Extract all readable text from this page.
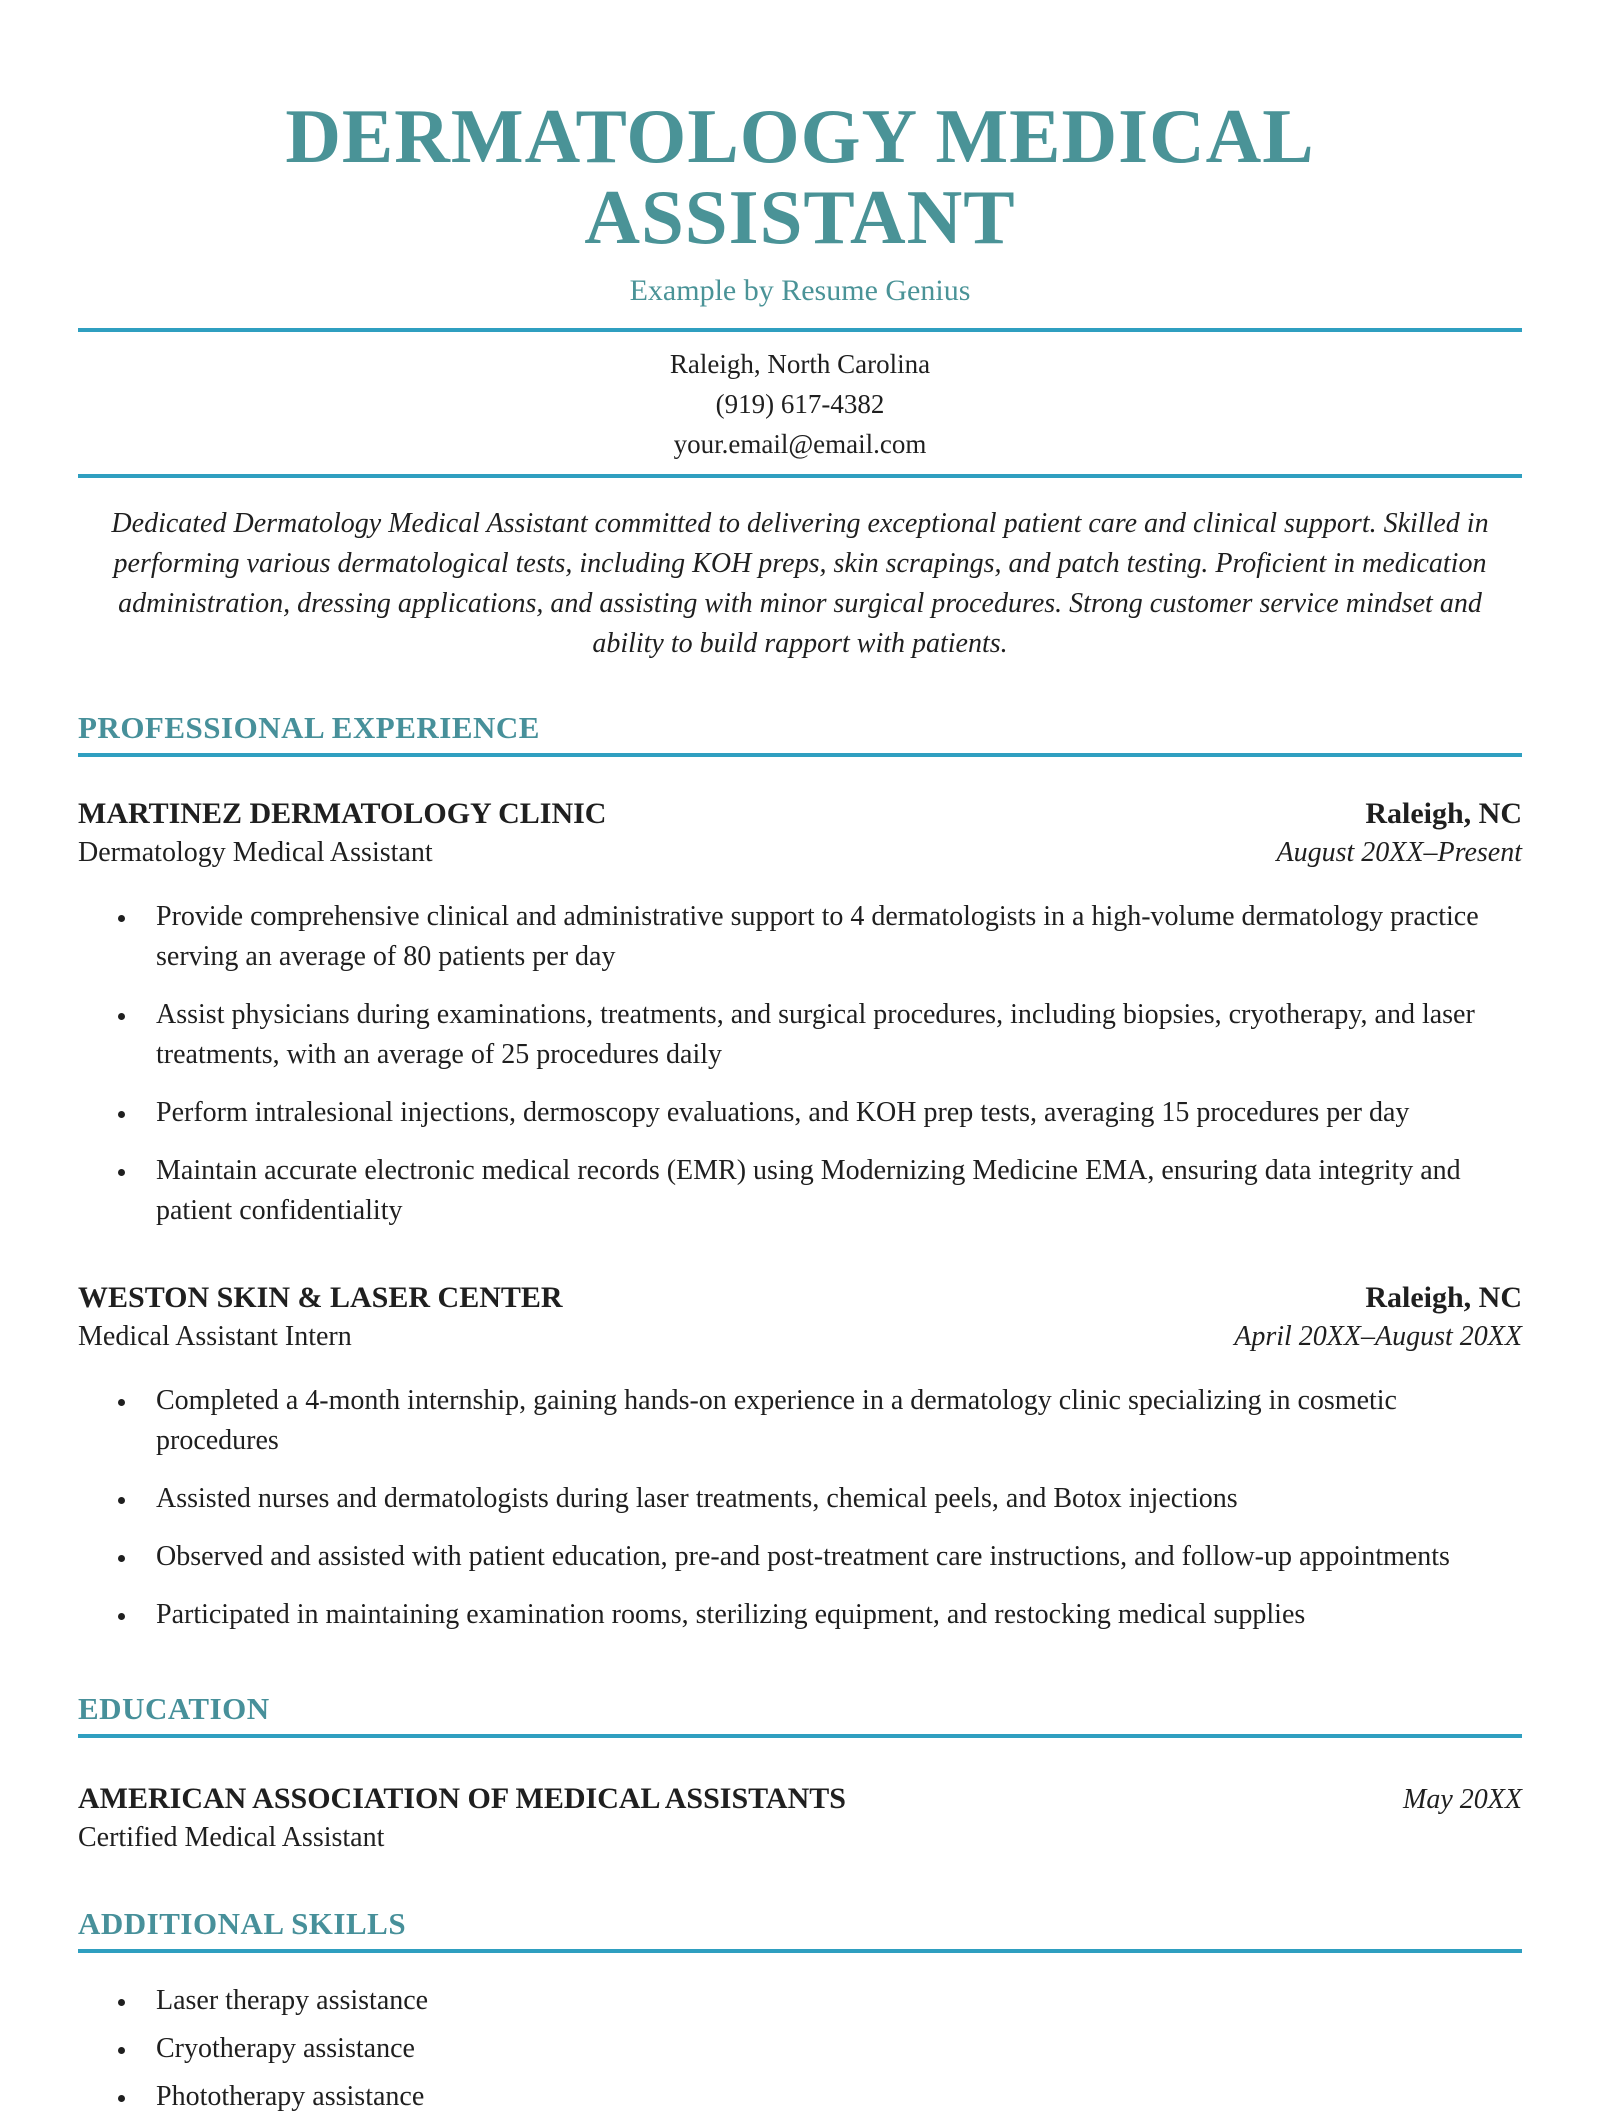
DERMATOLOGY MEDICAL ASSISTANT
Example by Resume Genius
Raleigh, North Carolina
(919) 617-4382
your.email@email.com

Dedicated Dermatology Medical Assistant committed to delivering exceptional patient care and clinical support. Skilled in performing various dermatological tests, including KOH preps, skin scrapings, and patch testing. Proficient in medication administration, dressing applications, and assisting with minor surgical procedures. Strong customer service mindset and ability to build rapport with patients.

PROFESSIONAL EXPERIENCE
MARTINEZ DERMATOLOGY CLINIC	Raleigh, NC
Dermatology Medical Assistant	August 20XX–Present
• Provide comprehensive clinical and administrative support to 4 dermatologists in a high-volume dermatology practice serving an average of 80 patients per day
• Assist physicians during examinations, treatments, and surgical procedures, including biopsies, cryotherapy, and laser treatments, with an average of 25 procedures daily
• Perform intralesional injections, dermoscopy evaluations, and KOH prep tests, averaging 15 procedures per day
• Maintain accurate electronic medical records (EMR) using Modernizing Medicine EMA, ensuring data integrity and patient confidentiality
WESTON SKIN & LASER CENTER	Raleigh, NC
Medical Assistant Intern	April 20XX–August 20XX
• Completed a 4-month internship, gaining hands-on experience in a dermatology clinic specializing in cosmetic procedures
• Assisted nurses and dermatologists during laser treatments, chemical peels, and Botox injections
• Observed and assisted with patient education, pre-and post-treatment care instructions, and follow-up appointments
• Participated in maintaining examination rooms, sterilizing equipment, and restocking medical supplies
EDUCATION
AMERICAN ASSOCIATION OF MEDICAL ASSISTANTS	May 20XX
Certified Medical Assistant
ADDITIONAL SKILLS
• Laser therapy assistance
• Cryotherapy assistance
• Phototherapy assistance
